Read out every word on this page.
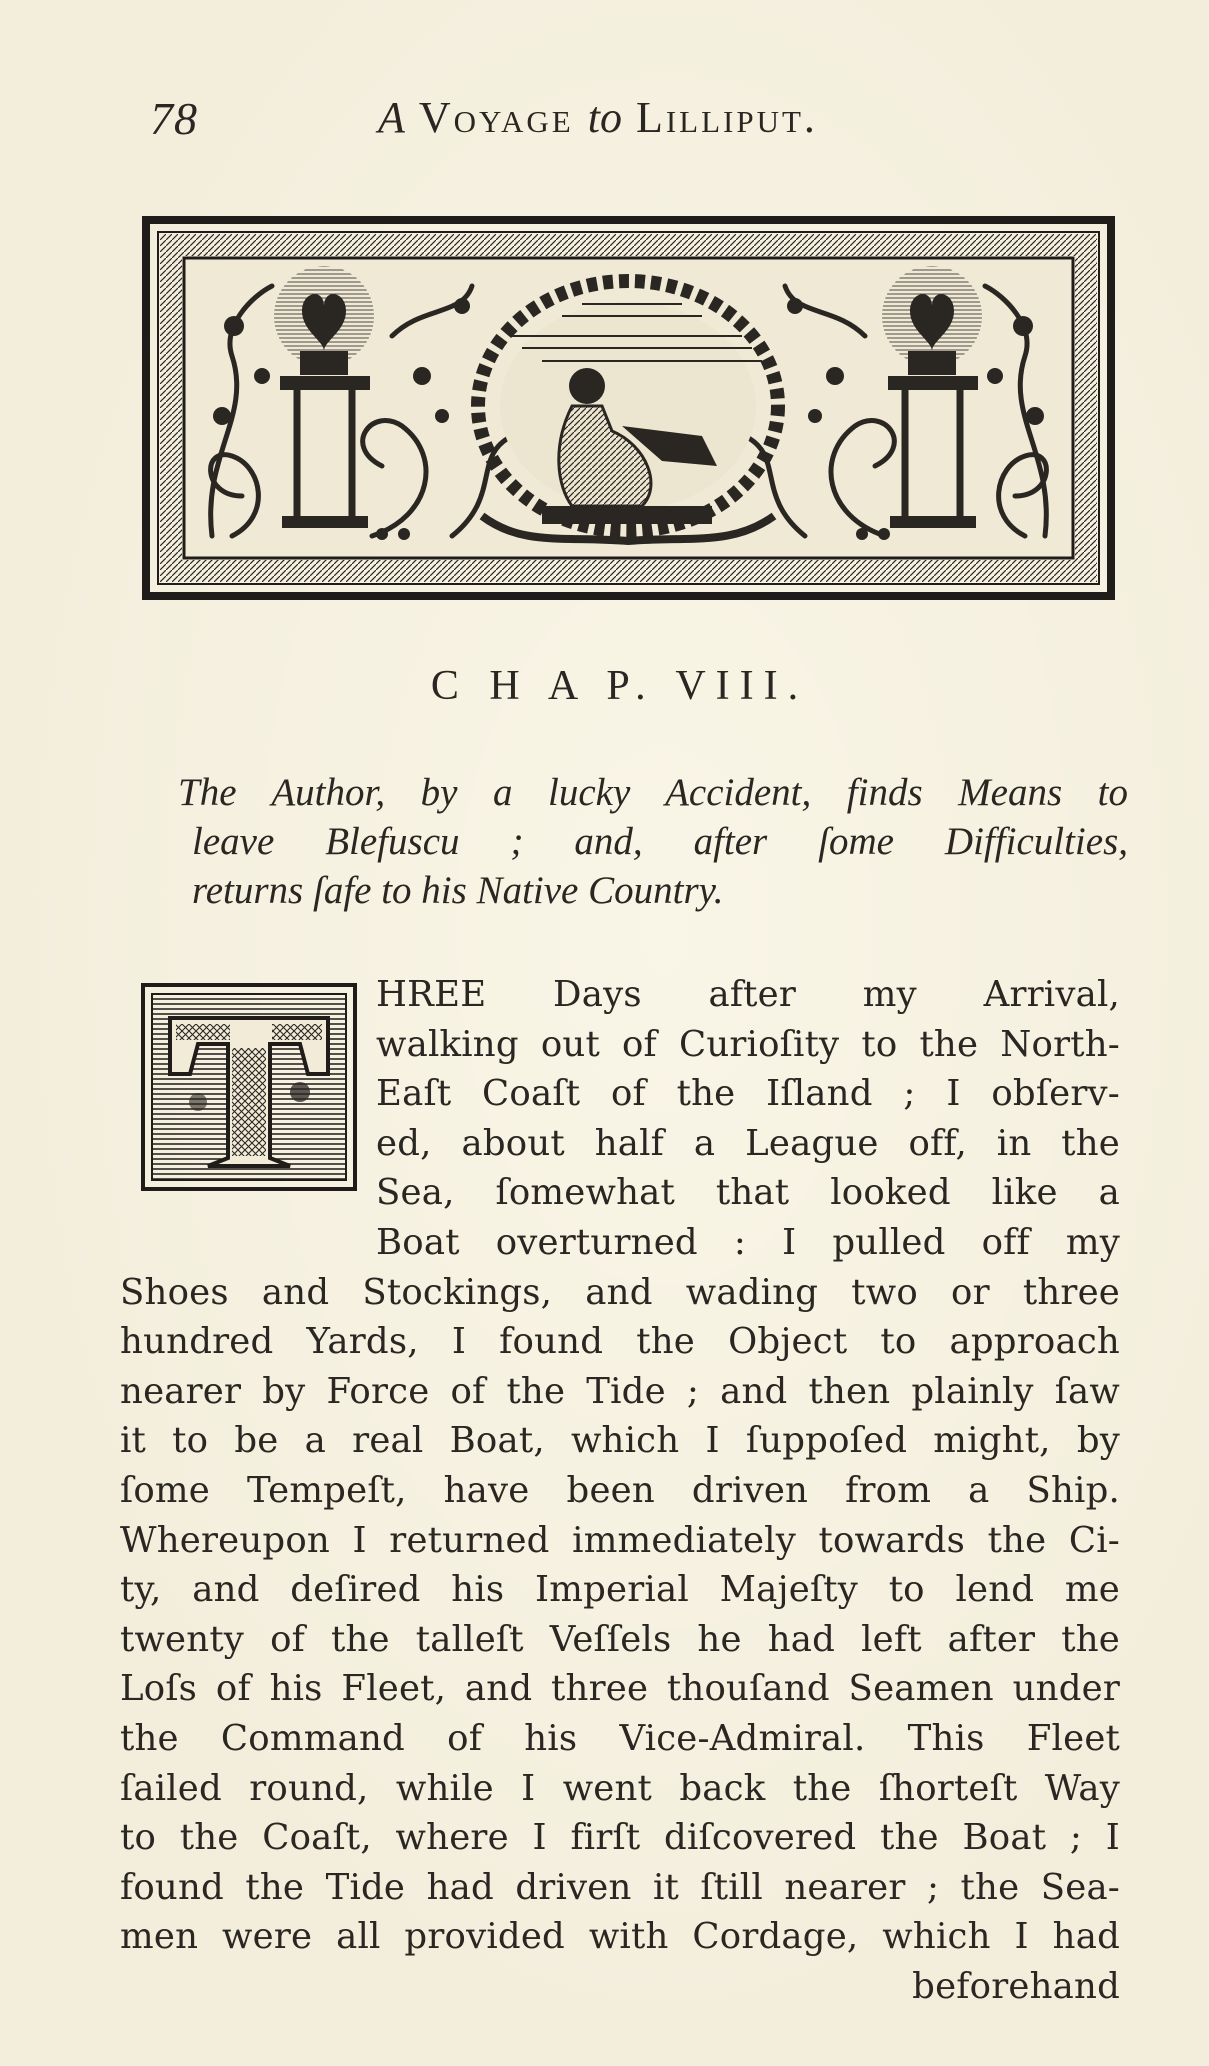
78	A Voyage to Lilliput.
C H A P. VIII.
The Author, by a lucky Accident, finds Means to
leave Blefuscu ; and, after ſome Difficulties,
returns ſafe to his Native Country.
HREE Days after my Arrival,
walking out of Curioſity to the North-
Eaſt Coaſt of the Iſland ; I obſerv-
ed, about half a League off, in the
Sea, ſomewhat that looked like a
Boat overturned : I pulled off my
Shoes and Stockings, and wading two or three
hundred Yards, I found the Object to approach
nearer by Force of the Tide ; and then plainly ſaw
it to be a real Boat, which I ſuppoſed might, by
ſome Tempeſt, have been driven from a Ship.
Whereupon I returned immediately towards the Ci-
ty, and deſired his Imperial Majeſty to lend me
twenty of the talleſt Veſſels he had left after the
Loſs of his Fleet, and three thouſand Seamen under
the Command of his Vice-Admiral. This Fleet
ſailed round, while I went back the ſhorteſt Way
to the Coaſt, where I firſt diſcovered the Boat ; I
found the Tide had driven it ſtill nearer ; the Sea-
men were all provided with Cordage, which I had
beforehand
